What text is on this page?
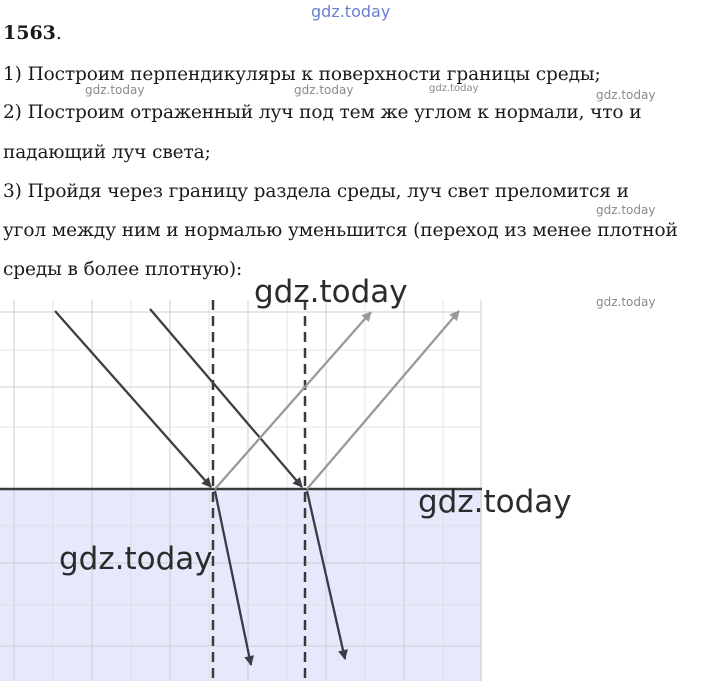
gdz.today
1563.
1) Построим перпендикуляры к поверхности границы среды;
2) Построим отраженный луч под тем же углом к нормали, что и
падающий луч света;
3) Пройдя через границу раздела среды, луч свет преломится и
угол между ним и нормалью уменьшится (переход из менее плотной
среды в более плотную):
gdz.today	gdz.today	gdz.today	gdz.today
gdz.today
gdz.today
gdz.today
gdz.today
gdz.today
